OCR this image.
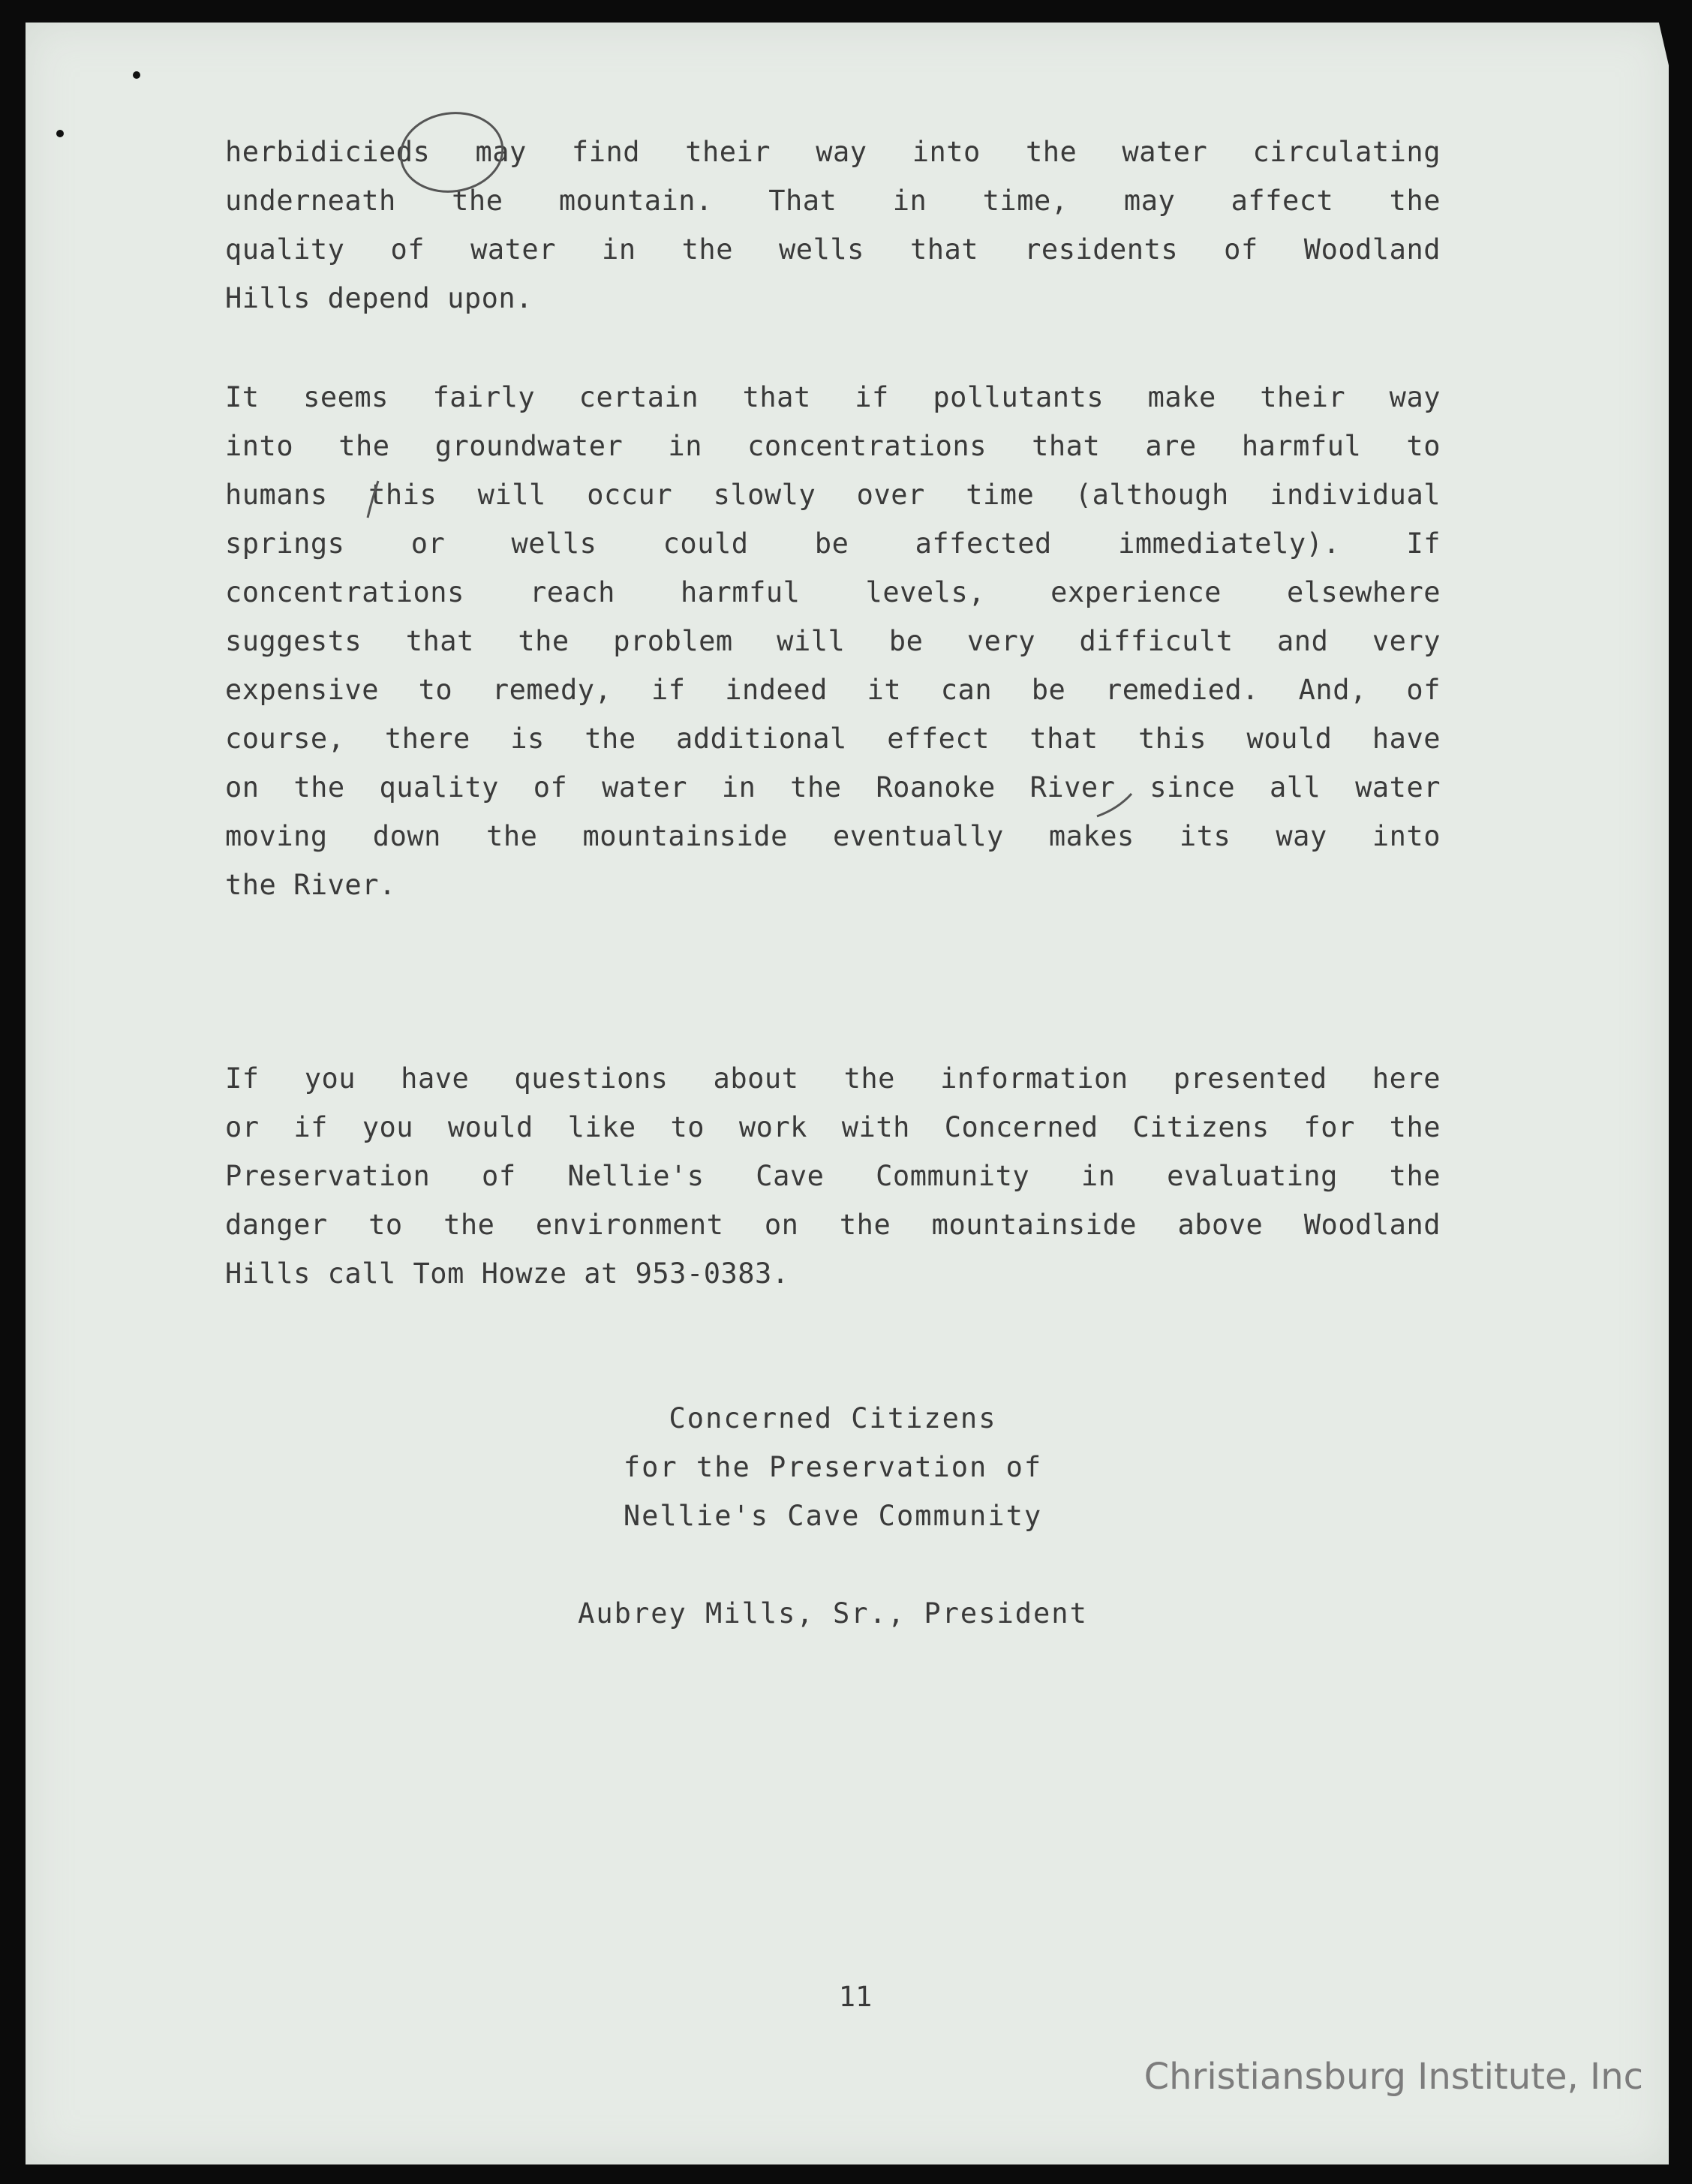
herbidicieds may find their way into the water circulating
underneath the mountain. That in time, may affect the
quality of water in the wells that residents of Woodland
Hills depend upon.
It seems fairly certain that if pollutants make their way
into the groundwater in concentrations that are harmful to
humans this will occur slowly over time (although individual
springs or wells could be affected immediately). If
concentrations reach harmful levels, experience elsewhere
suggests that the problem will be very difficult and very
expensive to remedy, if indeed it can be remedied. And, of
course, there is the additional effect that this would have
on the quality of water in the Roanoke River since all water
moving down the mountainside eventually makes its way into
the River.
If you have questions about the information presented here
or if you would like to work with Concerned Citizens for the
Preservation of Nellie's Cave Community in evaluating the
danger to the environment on the mountainside above Woodland
Hills call Tom Howze at 953-0383.
Concerned Citizens
for the Preservation of
Nellie's Cave Community
Aubrey Mills, Sr., President
11
Christiansburg Institute, Inc
